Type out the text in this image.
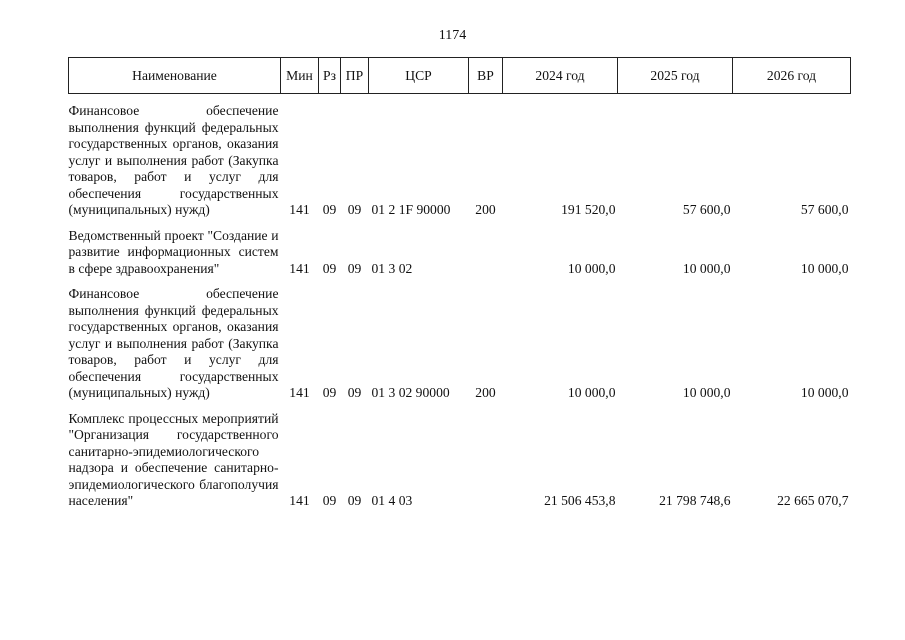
1174
Наименование	Мин	Рз	ПР	ЦСР	ВР	2024 год	2025 год	2026 год
Финансовое обеспечение выполнения функций федеральных государственных органов, оказания услуг и выполнения работ (Закупка товаров, работ и услуг для обеспечения государственных (муниципальных) нужд)	141	09	09	01 2 1F 90000	200	191 520,0	57 600,0	57 600,0
Ведомственный проект "Создание и развитие информационных систем в сфере здравоохранения"	141	09	09	01 3 02		10 000,0	10 000,0	10 000,0
Финансовое обеспечение выполнения функций федеральных государственных органов, оказания услуг и выполнения работ (Закупка товаров, работ и услуг для обеспечения государственных (муниципальных) нужд)	141	09	09	01 3 02 90000	200	10 000,0	10 000,0	10 000,0
Комплекс процессных мероприятий "Организация государственного санитарно-эпидемиологического надзора и обеспечение санитарно-эпидемиологического благополучия населения"	141	09	09	01 4 03		21 506 453,8	21 798 748,6	22 665 070,7
